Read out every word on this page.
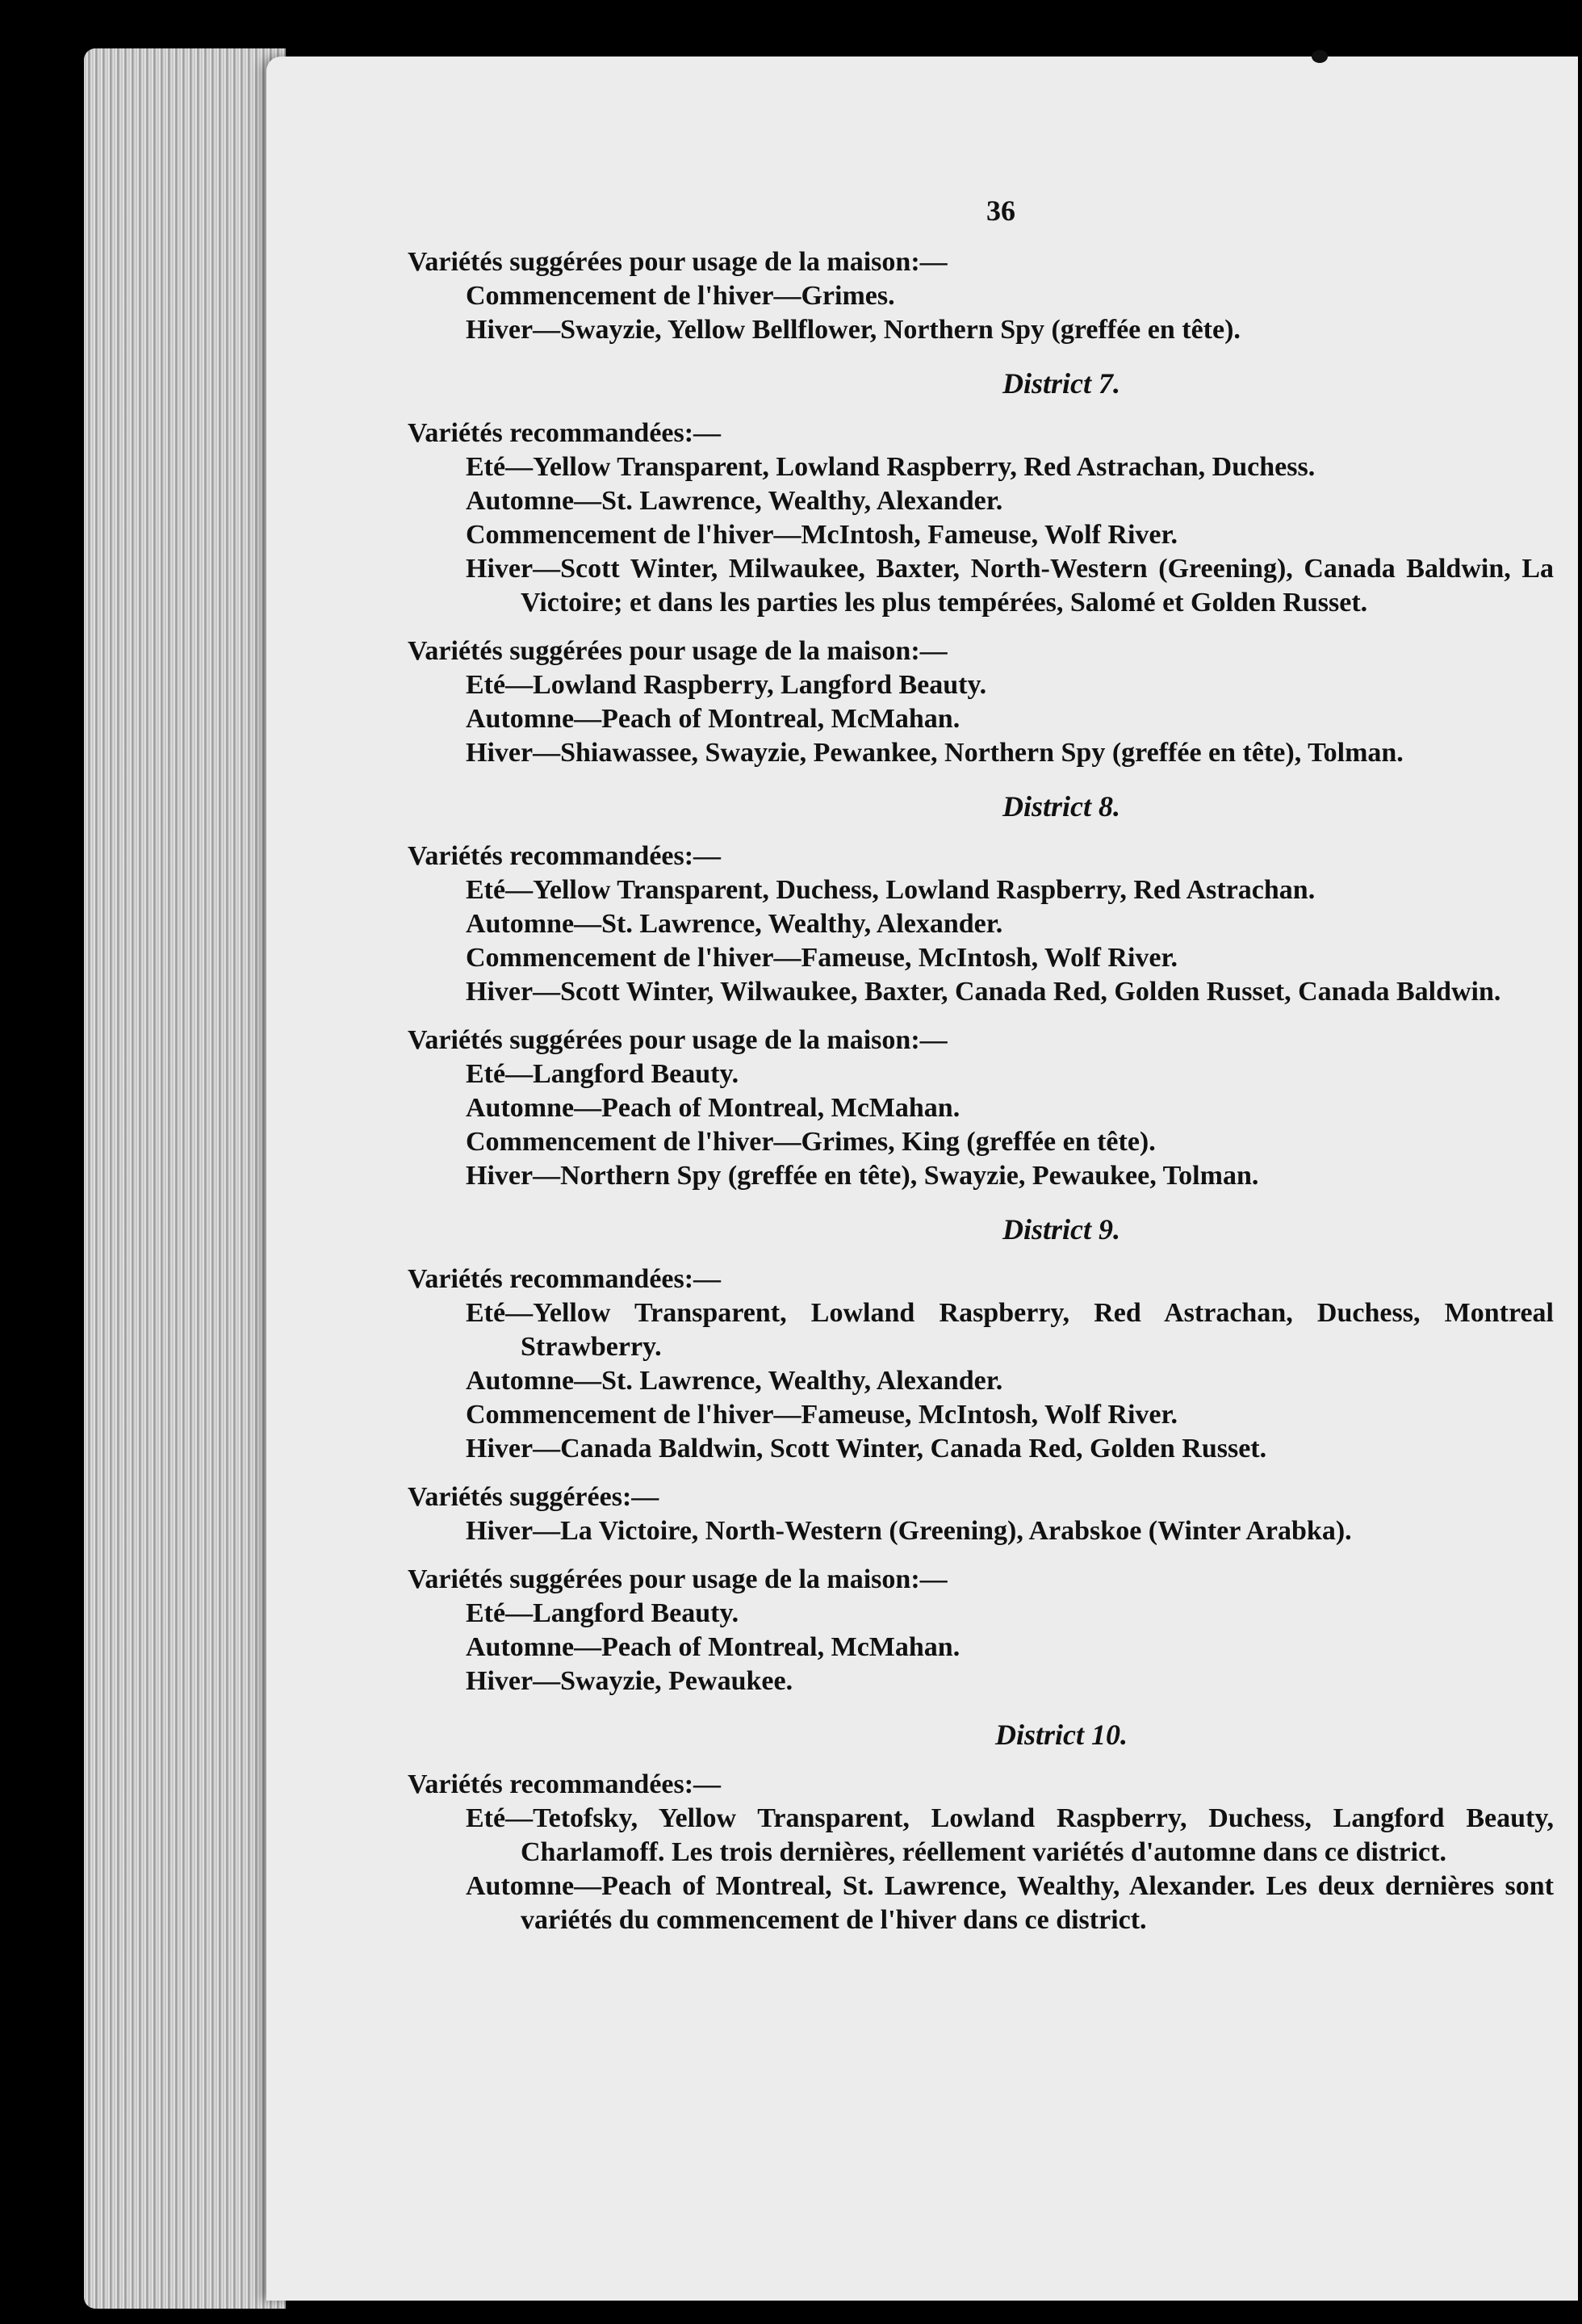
36
Variétés suggérées pour usage de la maison:—
Commencement de l'hiver—Grimes.
Hiver—Swayzie, Yellow Bellflower, Northern Spy (greffée en tête).
District 7.
Variétés recommandées:—
Eté—Yellow Transparent, Lowland Raspberry, Red Astrachan, Duchess.
Automne—St. Lawrence, Wealthy, Alexander.
Commencement de l'hiver—McIntosh, Fameuse, Wolf River.
Hiver—Scott Winter, Milwaukee, Baxter, North-Western (Greening), Canada Baldwin, La Victoire; et dans les parties les plus tempérées, Salomé et Golden Russet.
Variétés suggérées pour usage de la maison:—
Eté—Lowland Raspberry, Langford Beauty.
Automne—Peach of Montreal, McMahan.
Hiver—Shiawassee, Swayzie, Pewankee, Northern Spy (greffée en tête), Tolman.
District 8.
Variétés recommandées:—
Eté—Yellow Transparent, Duchess, Lowland Raspberry, Red Astrachan.
Automne—St. Lawrence, Wealthy, Alexander.
Commencement de l'hiver—Fameuse, McIntosh, Wolf River.
Hiver—Scott Winter, Wilwaukee, Baxter, Canada Red, Golden Russet, Canada Baldwin.
Variétés suggérées pour usage de la maison:—
Eté—Langford Beauty.
Automne—Peach of Montreal, McMahan.
Commencement de l'hiver—Grimes, King (greffée en tête).
Hiver—Northern Spy (greffée en tête), Swayzie, Pewaukee, Tolman.
District 9.
Variétés recommandées:—
Eté—Yellow Transparent, Lowland Raspberry, Red Astrachan, Duchess, Montreal Strawberry.
Automne—St. Lawrence, Wealthy, Alexander.
Commencement de l'hiver—Fameuse, McIntosh, Wolf River.
Hiver—Canada Baldwin, Scott Winter, Canada Red, Golden Russet.
Variétés suggérées:—
Hiver—La Victoire, North-Western (Greening), Arabskoe (Winter Arabka).
Variétés suggérées pour usage de la maison:—
Eté—Langford Beauty.
Automne—Peach of Montreal, McMahan.
Hiver—Swayzie, Pewaukee.
District 10.
Variétés recommandées:—
Eté—Tetofsky, Yellow Transparent, Lowland Raspberry, Duchess, Langford Beauty, Charlamoff. Les trois dernières, réellement variétés d'automne dans ce district.
Automne—Peach of Montreal, St. Lawrence, Wealthy, Alexander. Les deux dernières sont variétés du commencement de l'hiver dans ce district.
